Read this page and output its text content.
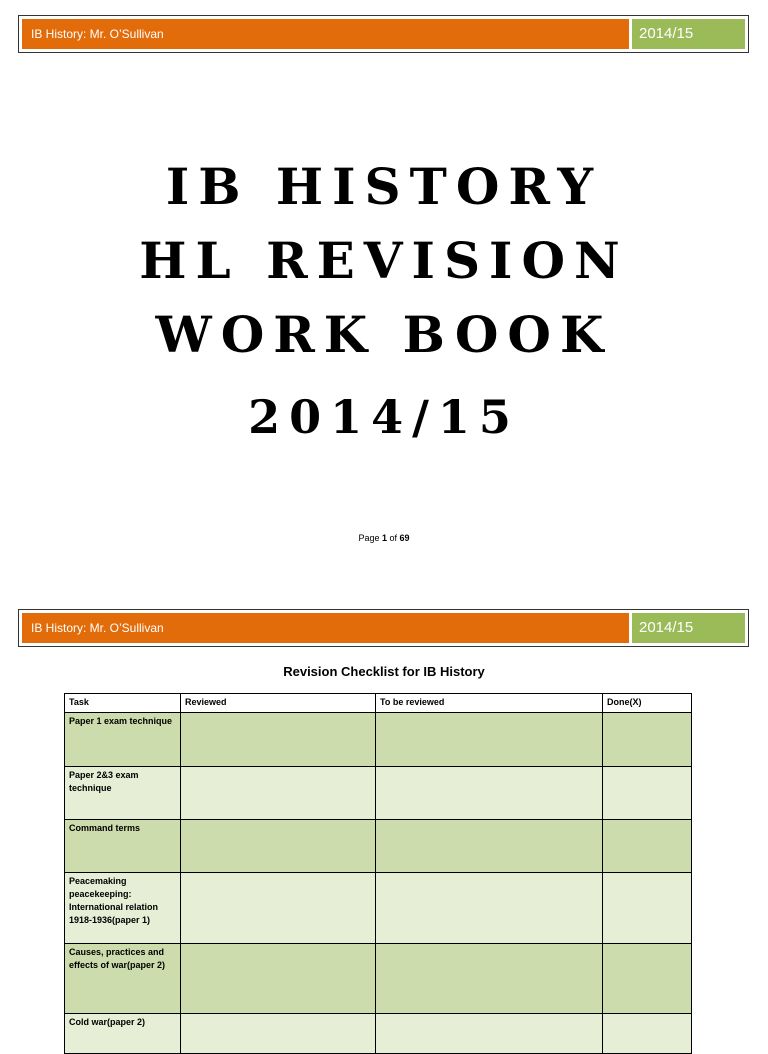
IB History: Mr. O’Sullivan	2014/15
IB HISTORY
HL REVISION
WORK BOOK
2014/15
Page 1 of 69
IB History: Mr. O’Sullivan	2014/15
Revision Checklist for IB History
Task	Reviewed	To be reviewed	Done(X)
Paper 1 exam technique			
Paper 2&3 exam technique			
Command terms			
Peacemaking peacekeeping: International relation 1918-1936(paper 1)			
Causes, practices and effects of war(paper 2)			
Cold war(paper 2)			
